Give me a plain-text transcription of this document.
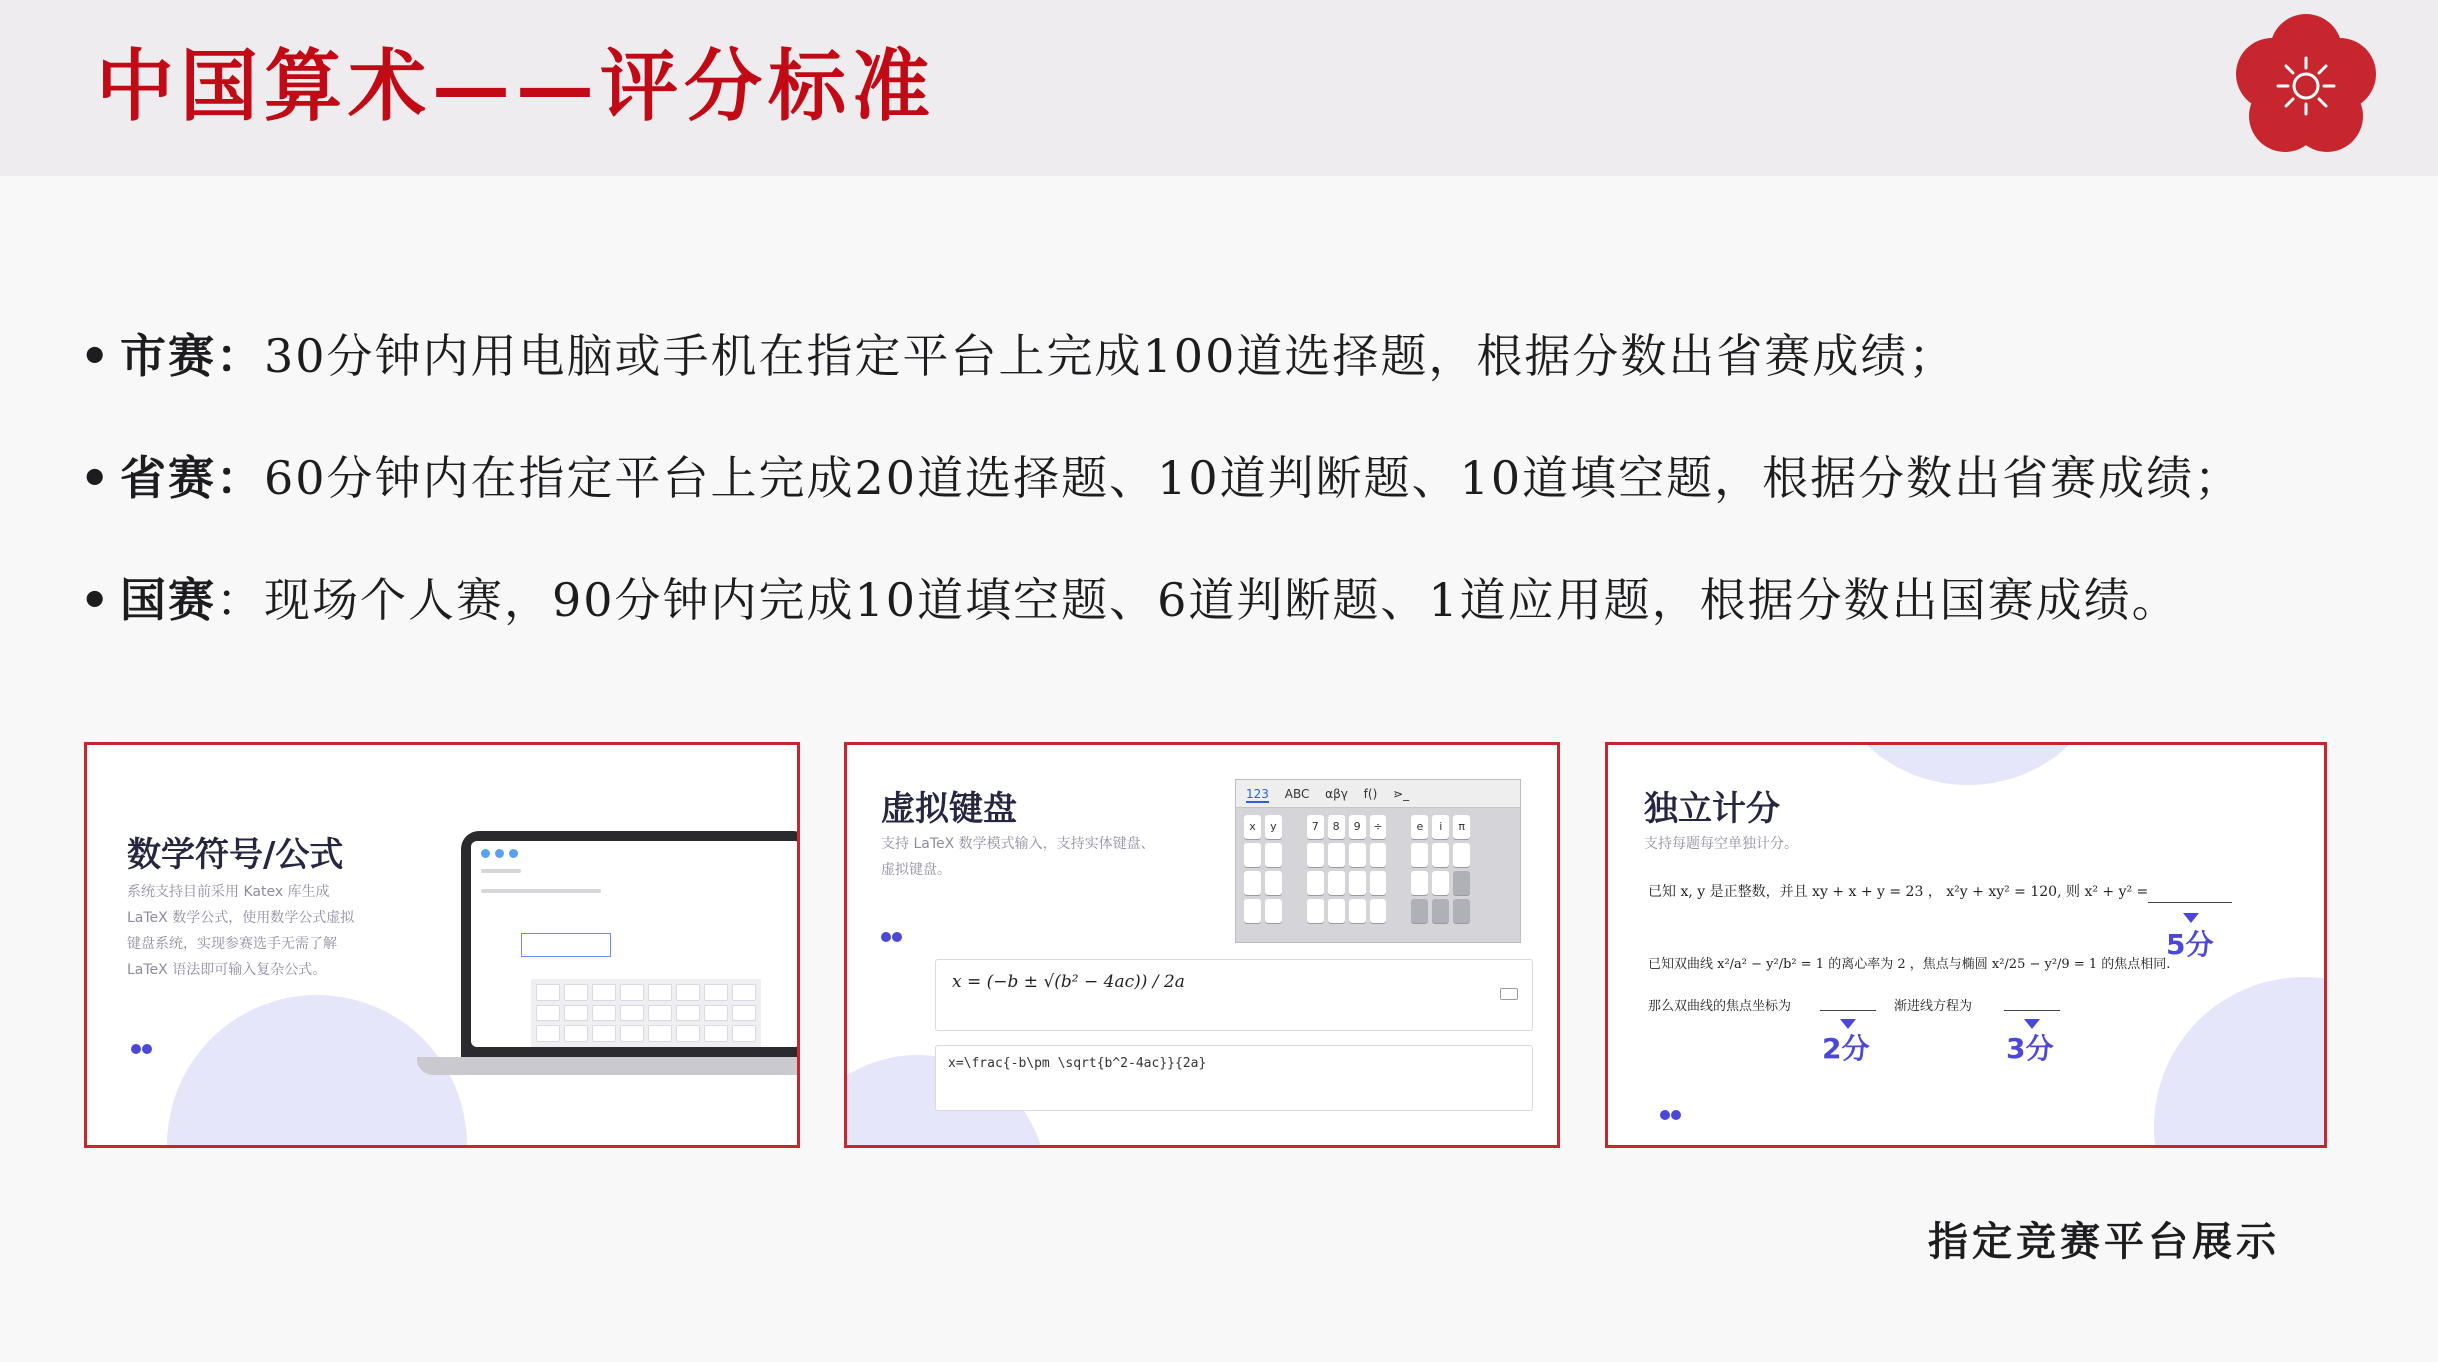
中国算术——评分标准
• 市赛：30分钟内用电脑或手机在指定平台上完成100道选择题，根据分数出省赛成绩；
• 省赛：60分钟内在指定平台上完成20道选择题、10道判断题、10道填空题，根据分数出省赛成绩；
• 国赛：现场个人赛，90分钟内完成10道填空题、6道判断题、1道应用题，根据分数出国赛成绩。
数学符号/公式
系统支持目前采用 Katex 库生成
LaTeX 数学公式，使用数学公式虚拟
键盘系统，实现参赛选手无需了解
LaTeX 语法即可输入复杂公式。
虚拟键盘
支持 LaTeX 数学模式输入，支持实体键盘、
虚拟键盘。
123 ABC αβγ f() ⋗_
x	y	7	8	9	÷	e	i	π
x = (−b ± √(b² − 4ac)) / 2a
x=\frac{-b\pm \sqrt{b^2-4ac}}{2a}
独立计分
支持每题每空单独计分。
已知 x, y 是正整数，并且 xy + x + y = 23 ， x²y + xy² = 120, 则 x² + y² =
5分
已知双曲线 x²/a² − y²/b² = 1 的离心率为 2 ，焦点与椭圆 x²/25 − y²/9 = 1 的焦点相同.
那么双曲线的焦点坐标为	渐进线方程为
2分	3分
指定竞赛平台展示
